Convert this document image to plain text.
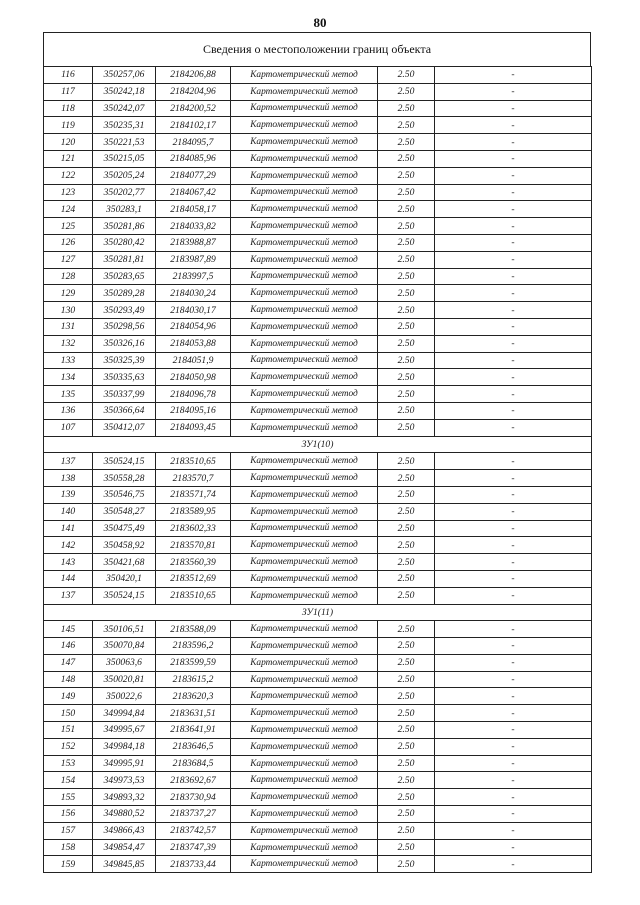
80
Сведения о местоположении границ объекта
116	350257,06	2184206,88	Картометрический метод	2.50	-
117	350242,18	2184204,96	Картометрический метод	2.50	-
118	350242,07	2184200,52	Картометрический метод	2.50	-
119	350235,31	2184102,17	Картометрический метод	2.50	-
120	350221,53	2184095,7	Картометрический метод	2.50	-
121	350215,05	2184085,96	Картометрический метод	2.50	-
122	350205,24	2184077,29	Картометрический метод	2.50	-
123	350202,77	2184067,42	Картометрический метод	2.50	-
124	350283,1	2184058,17	Картометрический метод	2.50	-
125	350281,86	2184033,82	Картометрический метод	2.50	-
126	350280,42	2183988,87	Картометрический метод	2.50	-
127	350281,81	2183987,89	Картометрический метод	2.50	-
128	350283,65	2183997,5	Картометрический метод	2.50	-
129	350289,28	2184030,24	Картометрический метод	2.50	-
130	350293,49	2184030,17	Картометрический метод	2.50	-
131	350298,56	2184054,96	Картометрический метод	2.50	-
132	350326,16	2184053,88	Картометрический метод	2.50	-
133	350325,39	2184051,9	Картометрический метод	2.50	-
134	350335,63	2184050,98	Картометрический метод	2.50	-
135	350337,99	2184096,78	Картометрический метод	2.50	-
136	350366,64	2184095,16	Картометрический метод	2.50	-
107	350412,07	2184093,45	Картометрический метод	2.50	-
ЗУ1(10)					
137	350524,15	2183510,65	Картометрический метод	2.50	-
138	350558,28	2183570,7	Картометрический метод	2.50	-
139	350546,75	2183571,74	Картометрический метод	2.50	-
140	350548,27	2183589,95	Картометрический метод	2.50	-
141	350475,49	2183602,33	Картометрический метод	2.50	-
142	350458,92	2183570,81	Картометрический метод	2.50	-
143	350421,68	2183560,39	Картометрический метод	2.50	-
144	350420,1	2183512,69	Картометрический метод	2.50	-
137	350524,15	2183510,65	Картометрический метод	2.50	-
ЗУ1(11)					
145	350106,51	2183588,09	Картометрический метод	2.50	-
146	350070,84	2183596,2	Картометрический метод	2.50	-
147	350063,6	2183599,59	Картометрический метод	2.50	-
148	350020,81	2183615,2	Картометрический метод	2.50	-
149	350022,6	2183620,3	Картометрический метод	2.50	-
150	349994,84	2183631,51	Картометрический метод	2.50	-
151	349995,67	2183641,91	Картометрический метод	2.50	-
152	349984,18	2183646,5	Картометрический метод	2.50	-
153	349995,91	2183684,5	Картометрический метод	2.50	-
154	349973,53	2183692,67	Картометрический метод	2.50	-
155	349893,32	2183730,94	Картометрический метод	2.50	-
156	349880,52	2183737,27	Картометрический метод	2.50	-
157	349866,43	2183742,57	Картометрический метод	2.50	-
158	349854,47	2183747,39	Картометрический метод	2.50	-
159	349845,85	2183733,44	Картометрический метод	2.50	-
